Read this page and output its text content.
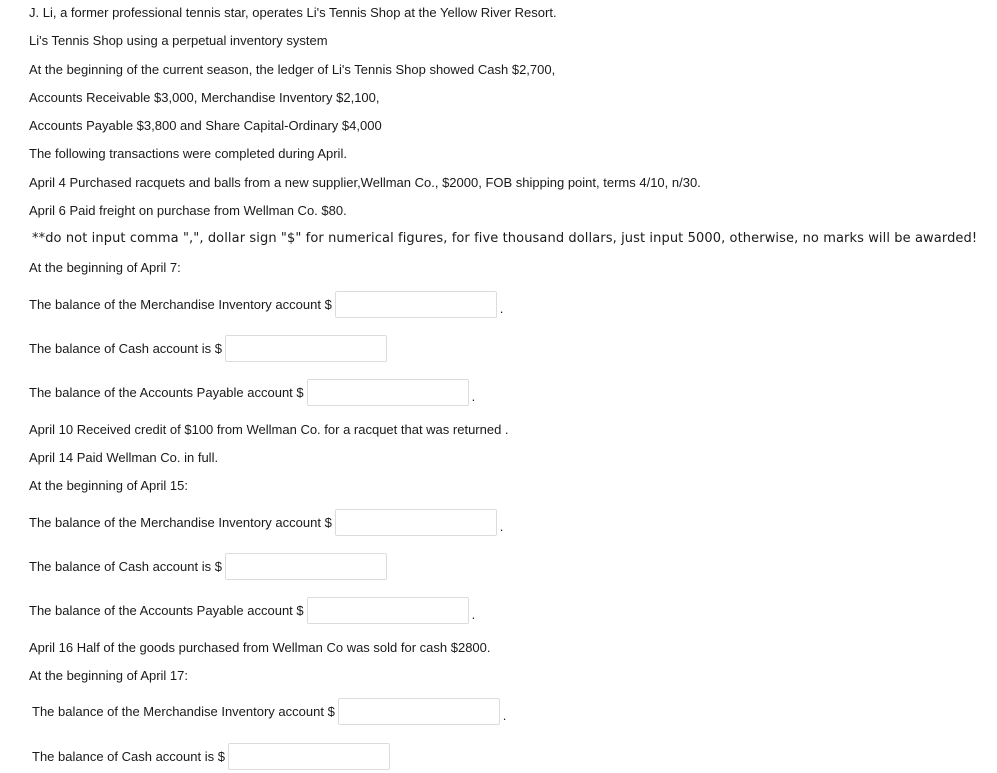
J. Li, a former professional tennis star, operates Li's Tennis Shop at the Yellow River Resort.
Li's Tennis Shop using a perpetual inventory system
At the beginning of the current season, the ledger of Li's Tennis Shop showed Cash $2,700,
Accounts Receivable $3,000, Merchandise Inventory $2,100,
Accounts Payable $3,800 and Share Capital-Ordinary $4,000
The following transactions were completed during April.
April 4 Purchased racquets and balls from a new supplier,Wellman Co., $2000, FOB shipping point, terms 4/10, n/30.
April 6 Paid freight on purchase from Wellman Co. $80.
**do not input comma ",", dollar sign "$" for numerical figures, for five thousand dollars, just input 5000, otherwise, no marks will be awarded!
At the beginning of April 7:
The balance of the Merchandise Inventory account $	.
The balance of Cash account is $
The balance of the Accounts Payable account $	.
April 10 Received credit of $100 from Wellman Co. for a racquet that was returned .
April 14 Paid Wellman Co. in full.
At the beginning of April 15:
The balance of the Merchandise Inventory account $	.
The balance of Cash account is $
The balance of the Accounts Payable account $	.
April 16 Half of the goods purchased from Wellman Co was sold for cash $2800.
At the beginning of April 17:
The balance of the Merchandise Inventory account $	.
The balance of Cash account is $
